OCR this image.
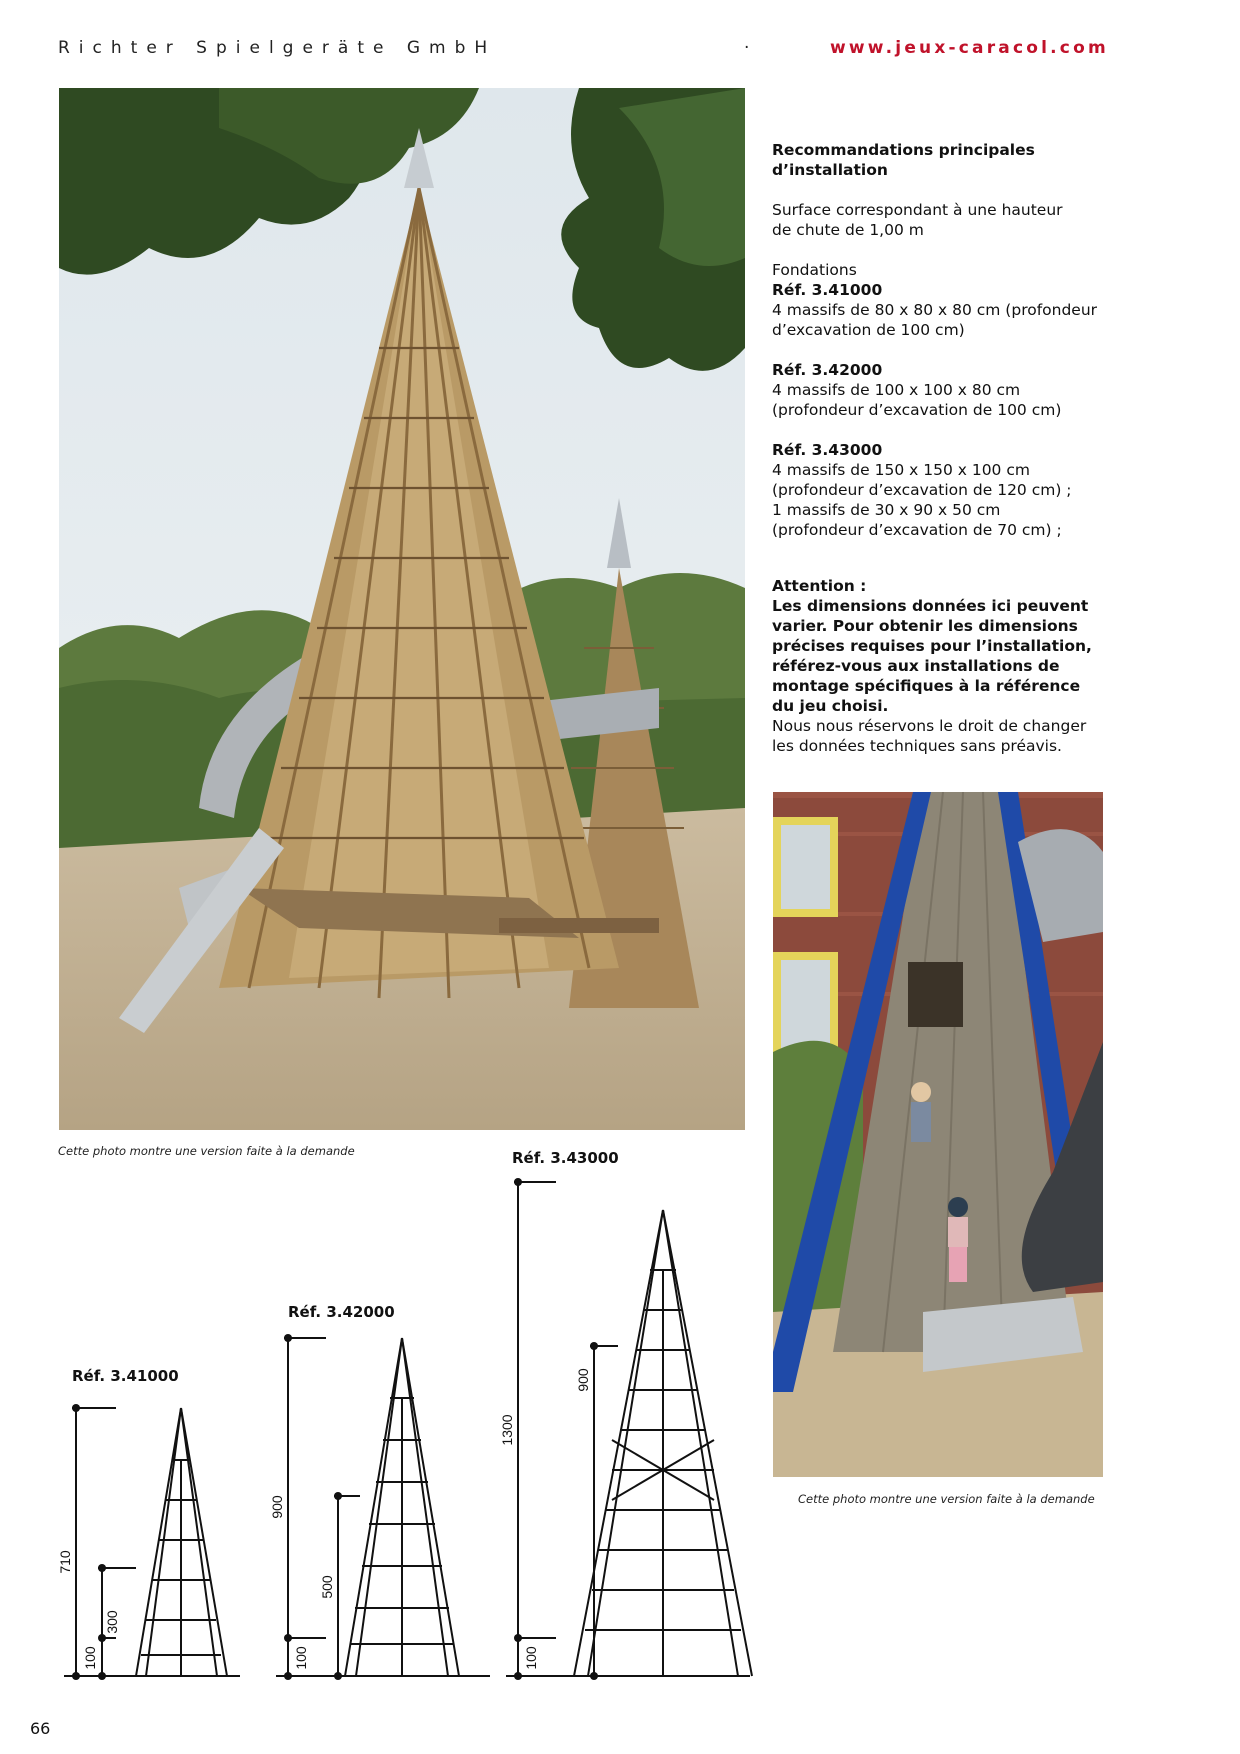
Richter Spielgeräte GmbH	·	www.jeux-caracol.com
Cette photo montre une version faite à la demande

Recommandations principales

d’installation

Surface correspondant à une hauteur

de chute de 1,00 m

Fondations

Réf. 3.41000

4 massifs de 80 x 80 x 80 cm (profondeur

d’excavation de 100 cm)

Réf. 3.42000

4 massifs de 100 x 100 x 80 cm

(profondeur d’excavation de 100 cm)

Réf. 3.43000

4 massifs de 150 x 150 x 100 cm

(profondeur d’excavation de 120 cm) ;

1 massifs de 30 x 90 x 50 cm

(profondeur d’excavation de 70 cm) ;

Attention :

Les dimensions données ici peuvent

varier. Pour obtenir les dimensions

précises requises pour l’installation,

référez-vous aux installations de

montage spécifiques à la référence

du jeu choisi.

Nous nous réservons le droit de changer

les données techniques sans préavis.

Cette photo montre une version faite à la demande
Réf. 3.43000
Réf. 3.42000
Réf. 3.41000
710
300
100
900
500
100
1300
900
100
66
